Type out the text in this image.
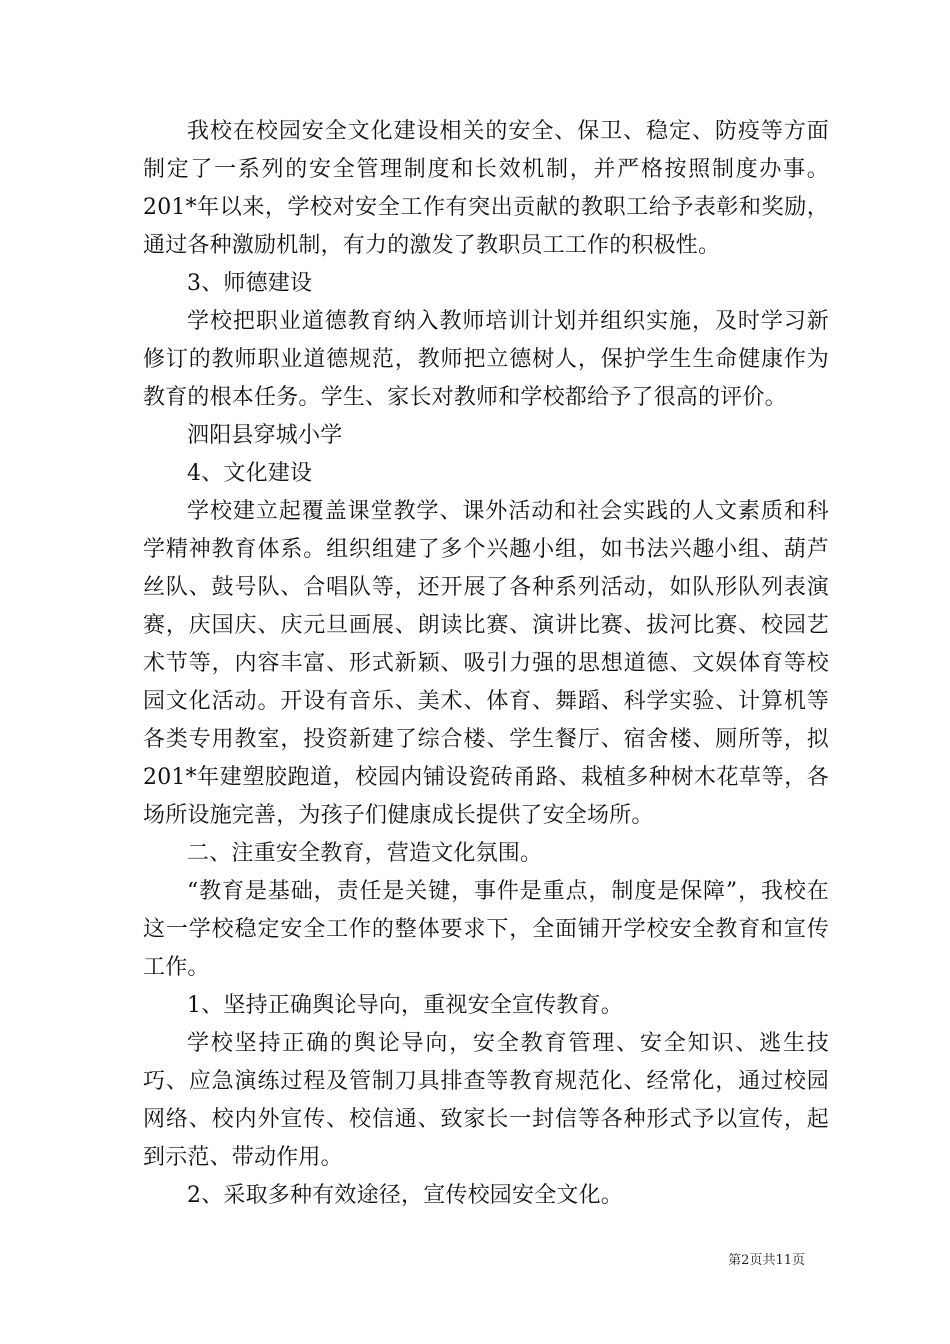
我校在校园安全文化建设相关的安全、保卫、稳定、防疫等方面制定了一系列的安全管理制度和长效机制，并严格按照制度办事。201*年以来，学校对安全工作有突出贡献的教职工给予表彰和奖励，通过各种激励机制，有力的激发了教职员工工作的积极性。

3、师德建设

学校把职业道德教育纳入教师培训计划并组织实施，及时学习新修订的教师职业道德规范，教师把立德树人，保护学生生命健康作为教育的根本任务。学生、家长对教师和学校都给予了很高的评价。

泗阳县穿城小学

4、文化建设

学校建立起覆盖课堂教学、课外活动和社会实践的人文素质和科学精神教育体系。组织组建了多个兴趣小组，如书法兴趣小组、葫芦丝队、鼓号队、合唱队等，还开展了各种系列活动，如队形队列表演赛，庆国庆、庆元旦画展、朗读比赛、演讲比赛、拔河比赛、校园艺术节等，内容丰富、形式新颖、吸引力强的思想道德、文娱体育等校园文化活动。开设有音乐、美术、体育、舞蹈、科学实验、计算机等各类专用教室，投资新建了综合楼、学生餐厅、宿舍楼、厕所等，拟201*年建塑胶跑道，校园内铺设瓷砖甬路、栽植多种树木花草等，各场所设施完善，为孩子们健康成长提供了安全场所。

二、注重安全教育，营造文化氛围。

“教育是基础，责任是关键，事件是重点，制度是保障”，我校在这一学校稳定安全工作的整体要求下，全面铺开学校安全教育和宣传工作。

1、坚持正确舆论导向，重视安全宣传教育。

学校坚持正确的舆论导向，安全教育管理、安全知识、逃生技巧、应急演练过程及管制刀具排查等教育规范化、经常化，通过校园网络、校内外宣传、校信通、致家长一封信等各种形式予以宣传，起到示范、带动作用。

2、采取多种有效途径，宣传校园安全文化。

第2页共11页
